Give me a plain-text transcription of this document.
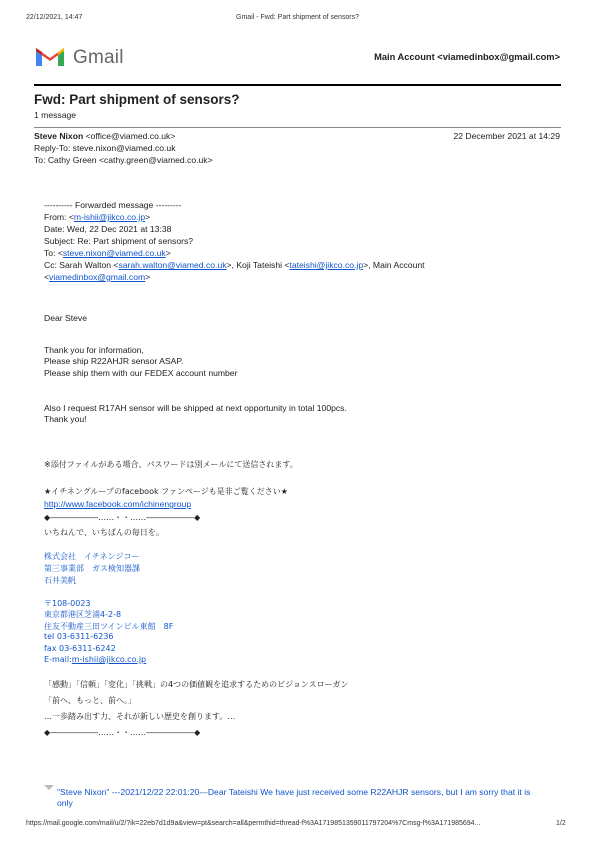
22/12/2021, 14:47	Gmail - Fwd: Part shipment of sensors?
Gmail	Main Account <viamedinbox@gmail.com>
Fwd: Part shipment of sensors?
1 message
Steve Nixon <office@viamed.co.uk>	22 December 2021 at 14:29
Reply-To: steve.nixon@viamed.co.uk
To: Cathy Green <cathy.green@viamed.co.uk>
---------- Forwarded message ---------
From: <m-ishii@jikco.co.jp>
Date: Wed, 22 Dec 2021 at 13:38
Subject: Re: Part shipment of sensors?
To: <steve.nixon@viamed.co.uk>
Cc: Sarah Walton <sarah.walton@viamed.co.uk>, Koji Tateishi <tateishi@jikco.co.jp>, Main Account
<viamedinbox@gmail.com>
Dear Steve
Thank you for information,
Please ship R22AHJR sensor ASAP.
Please ship them with our FEDEX account number
Also I request R17AH sensor will be shipped at next opportunity in total 100pcs.
Thank you!
※添付ファイルがある場合、パスワードは別メールにて送信されます。
★イチネングループのfacebook ファンページも是非ご覧ください★
http://www.facebook.com/ichinengroup
◆――――――……・・……――――――◆
いちねんで、いちばんの毎日を。
株式会社　イチネンジコー
第三事業部　ガス検知器課
石井美帆
〒108-0023
東京都港区芝浦4-2-8
住友不動産三田ツインビル東館　8F
tel 03-6311-6236
fax 03-6311-6242
E-mail:m-ishii@jikco.co.jp
「感動」「信頼」「変化」「挑戦」の4つの価値観を追求するためのビジョンスローガン
「前へ、もっと、前へ。」
…一歩踏み出す力、それが新しい歴史を創ります。…
◆――――――……・・……――――――◆
"Steve Nixon" ---2021/12/22 22:01:20---Dear Tateishi We have just received some R22AHJR sensors, but I am sorry that it is only
https://mail.google.com/mail/u/2/?ik=22eb7d1d9a&view=pt&search=all&permthid=thread-f%3A1719851359011797204%7Cmsg-f%3A171985694...	1/2
